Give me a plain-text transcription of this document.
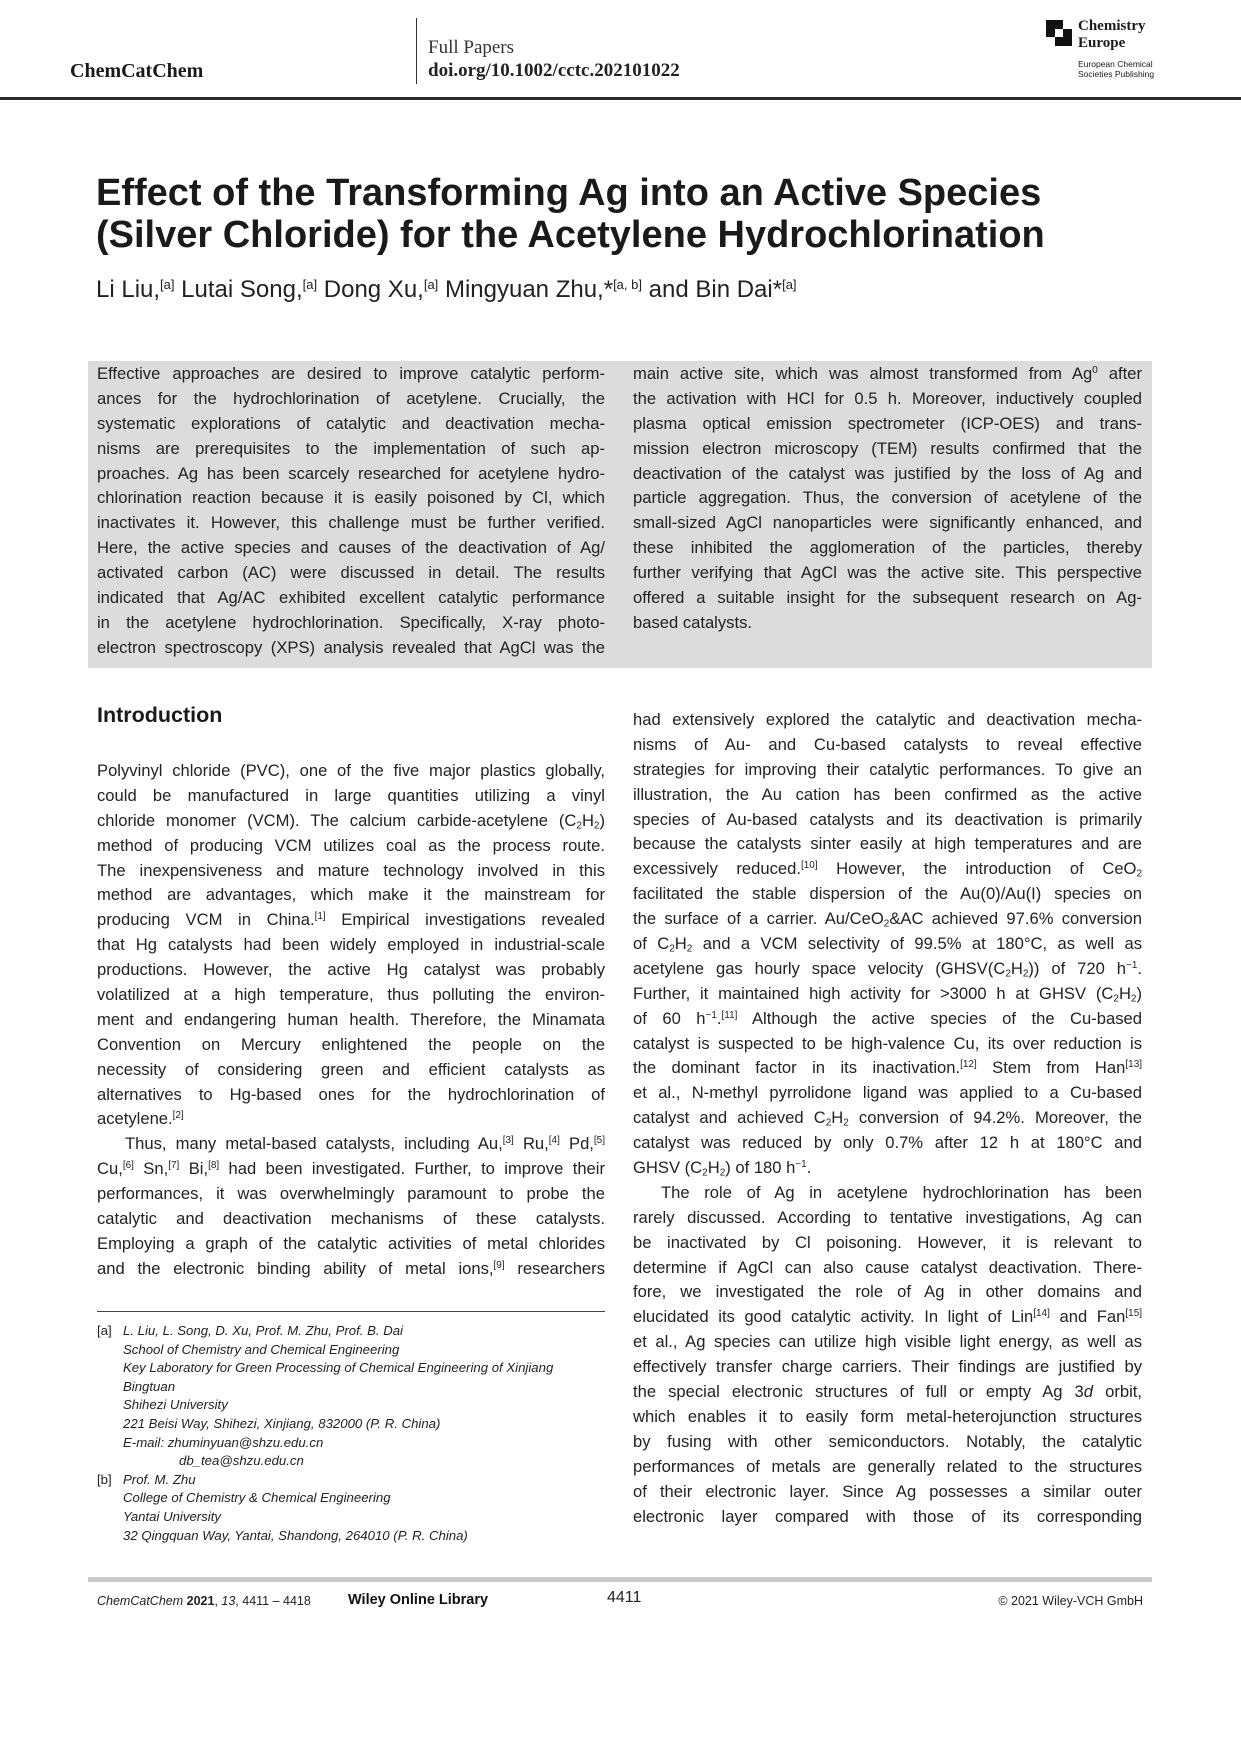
ChemCatChem
Full Papers
doi.org/10.1002/cctc.202101022
Chemistry
Europe
European Chemical
Societies Publishing
Effect of the Transforming Ag into an Active Species (Silver Chloride) for the Acetylene Hydrochlorination
Li Liu,[a] Lutai Song,[a] Dong Xu,[a] Mingyuan Zhu,*[a, b] and Bin Dai*[a]
Effective approaches are desired to improve catalytic perform-
ances for the hydrochlorination of acetylene. Crucially, the
systematic explorations of catalytic and deactivation mecha-
nisms are prerequisites to the implementation of such ap-
proaches. Ag has been scarcely researched for acetylene hydro-
chlorination reaction because it is easily poisoned by Cl, which
inactivates it. However, this challenge must be further verified.
Here, the active species and causes of the deactivation of Ag/
activated carbon (AC) were discussed in detail. The results
indicated that Ag/AC exhibited excellent catalytic performance
in the acetylene hydrochlorination. Specifically, X-ray photo-
electron spectroscopy (XPS) analysis revealed that AgCl was the
main active site, which was almost transformed from Ag$^0$ after
the activation with HCl for 0.5 h. Moreover, inductively coupled
plasma optical emission spectrometer (ICP-OES) and trans-
mission electron microscopy (TEM) results confirmed that the
deactivation of the catalyst was justified by the loss of Ag and
particle aggregation. Thus, the conversion of acetylene of the
small-sized AgCl nanoparticles were significantly enhanced, and
these inhibited the agglomeration of the particles, thereby
further verifying that AgCl was the active site. This perspective
offered a suitable insight for the subsequent research on Ag-
based catalysts.
Introduction
Polyvinyl chloride (PVC), one of the five major plastics globally,
could be manufactured in large quantities utilizing a vinyl
chloride monomer (VCM). The calcium carbide-acetylene $(C_2H_2)$
method of producing VCM utilizes coal as the process route.
The inexpensiveness and mature technology involved in this
method are advantages, which make it the mainstream for
producing VCM in China.[1] Empirical investigations revealed
that Hg catalysts had been widely employed in industrial-scale
productions. However, the active Hg catalyst was probably
volatilized at a high temperature, thus polluting the environ-
ment and endangering human health. Therefore, the Minamata
Convention on Mercury enlightened the people on the
necessity of considering green and efficient catalysts as
alternatives to Hg-based ones for the hydrochlorination of
acetylene.[2]
Thus, many metal-based catalysts, including Au,[3] Ru,[4] Pd,[5]
Cu,[6] Sn,[7] Bi,[8] had been investigated. Further, to improve their
performances, it was overwhelmingly paramount to probe the
catalytic and deactivation mechanisms of these catalysts.
Employing a graph of the catalytic activities of metal chlorides
and the electronic binding ability of metal ions,[9] researchers
had extensively explored the catalytic and deactivation mecha-
nisms of Au- and Cu-based catalysts to reveal effective
strategies for improving their catalytic performances. To give an
illustration, the Au cation has been confirmed as the active
species of Au-based catalysts and its deactivation is primarily
because the catalysts sinter easily at high temperatures and are
excessively reduced.[10] However, the introduction of CeO$_2$
facilitated the stable dispersion of the Au(0)/Au(I) species on
the surface of a carrier. Au/CeO$_2$&AC achieved 97.6% conversion
of $C_2H_2$ and a VCM selectivity of 99.5% at 180°C, as well as
acetylene gas hourly space velocity $(GHSV(C_2H_2))$ of 720 $h^{-1}$.
Further, it maintained high activity for >3000 h at GHSV $(C_2H_2)$
of 60 $h^{-1}.[11]$ Although the active species of the Cu-based
catalyst is suspected to be high-valence Cu, its over reduction is
the dominant factor in its inactivation.[12] Stem from Han[13]
et al., N-methyl pyrrolidone ligand was applied to a Cu-based
catalyst and achieved $C_2H_2$ conversion of 94.2%. Moreover, the
catalyst was reduced by only 0.7% after 12 h at 180°C and
GHSV $(C_2H_2)$ of 180 $h^{-1}$.
The role of Ag in acetylene hydrochlorination has been
rarely discussed. According to tentative investigations, Ag can
be inactivated by Cl poisoning. However, it is relevant to
determine if AgCl can also cause catalyst deactivation. There-
fore, we investigated the role of Ag in other domains and
elucidated its good catalytic activity. In light of Lin[14] and Fan[15]
et al., Ag species can utilize high visible light energy, as well as
effectively transfer charge carriers. Their findings are justified by
the special electronic structures of full or empty Ag 3d orbit,
which enables it to easily form metal-heterojunction structures
by fusing with other semiconductors. Notably, the catalytic
performances of metals are generally related to the structures
of their electronic layer. Since Ag possesses a similar outer
electronic layer compared with those of its corresponding
[a] L. Liu, L. Song, D. Xu, Prof. M. Zhu, Prof. B. Dai
School of Chemistry and Chemical Engineering
Key Laboratory for Green Processing of Chemical Engineering of Xinjiang
Bingtuan
Shihezi University
221 Beisi Way, Shihezi, Xinjiang, 832000 (P. R. China)
E-mail: zhuminyuan@shzu.edu.cn
db_tea@shzu.edu.cn
[b] Prof. M. Zhu
College of Chemistry & Chemical Engineering
Yantai University
32 Qingquan Way, Yantai, Shandong, 264010 (P. R. China)
ChemCatChem 2021, 13, 4411 – 4418	Wiley Online Library	4411	© 2021 Wiley-VCH GmbH
